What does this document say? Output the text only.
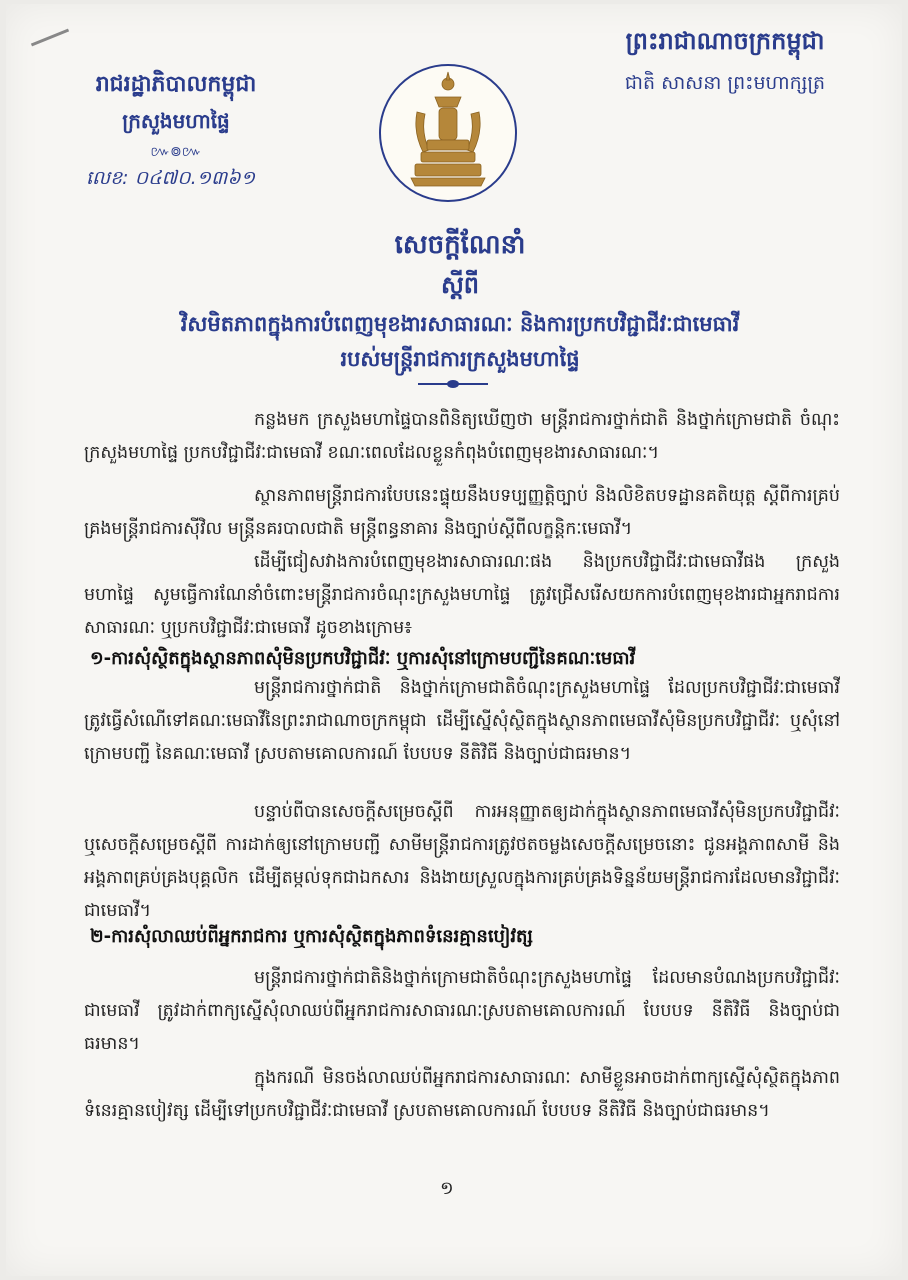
រាជរដ្ឋាភិបាលកម្ពុជា
ក្រសួងមហាផ្ទៃ
៚៙៚
លេខ: ០៤៧០.១៣៦១
ព្រះរាជាណាចក្រកម្ពុជា
ជាតិ សាសនា ព្រះមហាក្សត្រ
សេចក្តីណែនាំ
ស្តីពី
វិសមិតភាពក្នុងការបំពេញមុខងារសាធារណៈ និងការប្រកបវិជ្ជាជីវៈជាមេធាវី
របស់មន្ត្រីរាជការក្រសួងមហាផ្ទៃ
កន្លងមក ក្រសួងមហាផ្ទៃបានពិនិត្យឃើញថា មន្ត្រីរាជការថ្នាក់ជាតិ និងថ្នាក់ក្រោមជាតិ ចំណុះក្រសួងមហាផ្ទៃ ប្រកបវិជ្ជាជីវៈជាមេធាវី ខណៈពេលដែលខ្លួនកំពុងបំពេញមុខងារសាធារណៈ។
ស្ថានភាពមន្ត្រីរាជការបែបនេះផ្ទុយនឹងបទប្បញ្ញត្តិច្បាប់ និងលិខិតបទដ្ឋានគតិយុត្ត ស្តីពីការគ្រប់គ្រងមន្ត្រីរាជការស៊ីវិល មន្ត្រីនគរបាលជាតិ មន្ត្រីពន្ធនាគារ និងច្បាប់ស្តីពីលក្ខន្តិកៈមេធាវី។
ដើម្បីជៀសវាងការបំពេញមុខងារសាធារណៈផង និងប្រកបវិជ្ជាជីវៈជាមេធាវីផង ក្រសួងមហាផ្ទៃ សូមធ្វើការណែនាំចំពោះមន្ត្រីរាជការចំណុះក្រសួងមហាផ្ទៃ ត្រូវជ្រើសរើសយកការបំពេញមុខងារជាអ្នករាជការសាធារណៈ ឬប្រកបវិជ្ជាជីវៈជាមេធាវី ដូចខាងក្រោម៖
១-ការសុំស្ថិតក្នុងស្ថានភាពសុំមិនប្រកបវិជ្ជាជីវៈ ឬការសុំនៅក្រោមបញ្ជីនៃគណៈមេធាវី
មន្ត្រីរាជការថ្នាក់ជាតិ និងថ្នាក់ក្រោមជាតិចំណុះក្រសួងមហាផ្ទៃ ដែលប្រកបវិជ្ជាជីវៈជាមេធាវី ត្រូវធ្វើសំណើទៅគណៈមេធាវីនៃព្រះរាជាណាចក្រកម្ពុជា ដើម្បីស្នើសុំស្ថិតក្នុងស្ថានភាពមេធាវីសុំមិនប្រកបវិជ្ជាជីវៈ ឬសុំនៅក្រោមបញ្ជី នៃគណៈមេធាវី ស្របតាមគោលការណ៍ បែបបទ នីតិវិធី និងច្បាប់ជាធរមាន។
បន្ទាប់ពីបានសេចក្តីសម្រេចស្តីពី ការអនុញ្ញាតឲ្យដាក់ក្នុងស្ថានភាពមេធាវីសុំមិនប្រកបវិជ្ជាជីវៈ ឬសេចក្តីសម្រេចស្តីពី ការដាក់ឲ្យនៅក្រោមបញ្ជី សាមីមន្ត្រីរាជការត្រូវថតចម្លងសេចក្តីសម្រេចនោះ ជូនអង្គភាពសាមី និងអង្គភាពគ្រប់គ្រងបុគ្គលិក ដើម្បីតម្កល់ទុកជាឯកសារ និងងាយស្រួលក្នុងការគ្រប់គ្រងទិន្នន័យមន្ត្រីរាជការដែលមានវិជ្ជាជីវៈជាមេធាវី។
២-ការសុំលាឈប់ពីអ្នករាជការ ឬការសុំស្ថិតក្នុងភាពទំនេរគ្មានបៀវត្ស
មន្ត្រីរាជការថ្នាក់ជាតិនិងថ្នាក់ក្រោមជាតិចំណុះក្រសួងមហាផ្ទៃ ដែលមានបំណងប្រកបវិជ្ជាជីវៈជាមេធាវី ត្រូវដាក់ពាក្យស្នើសុំលាឈប់ពីអ្នករាជការសាធារណៈស្របតាមគោលការណ៍ បែបបទ នីតិវិធី និងច្បាប់ជាធរមាន។
ក្នុងករណី មិនចង់លាឈប់ពីអ្នករាជការសាធារណៈ សាមីខ្លួនអាចដាក់ពាក្យស្នើសុំស្ថិតក្នុងភាពទំនេរគ្មានបៀវត្ស ដើម្បីទៅប្រកបវិជ្ជាជីវៈជាមេធាវី ស្របតាមគោលការណ៍ បែបបទ នីតិវិធី និងច្បាប់ជាធរមាន។
១
